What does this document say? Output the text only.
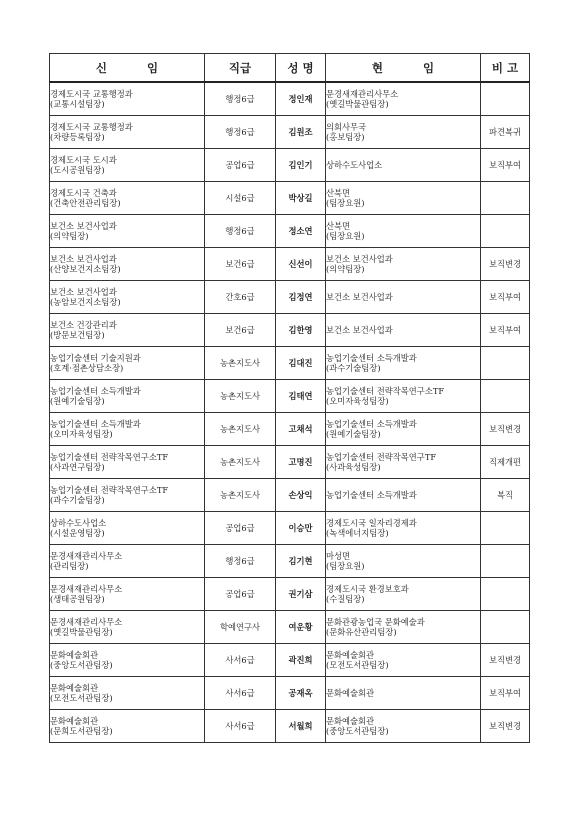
신          임	직급	성 명	현          임	비 고

경제도시국 교통행정과
(교통시설팀장)	행정6급	정인재	문경새재관리사무소
(옛길박물관팀장)	

경제도시국 교통행정과
(차량등록팀장)	행정6급	김원조	의회사무국
(홍보팀장)	파견복귀

경제도시국 도시과
(도시공원팀장)	공업6급	김인기	상하수도사업소	보직부여

경제도시국 건축과
(건축안전관리팀장)	시설6급	박상길	산북면
(팀장요원)	

보건소 보건사업과
(의약팀장)	행정6급	정소연	산북면
(팀장요원)	

보건소 보건사업과
(산양보건지소팀장)	보건6급	신선이	보건소 보건사업과
(의약팀장)	보직변경

보건소 보건사업과
(농암보건지소팀장)	간호6급	김정연	보건소 보건사업과	보직부여

보건소 건강관리과
(방문보건팀장)	보건6급	김한영	보건소 보건사업과	보직부여

농업기술센터 기술지원과
(호계·점촌상담소장)	농촌지도사	김대진	농업기술센터 소득개발과
(과수기술팀장)	

농업기술센터 소득개발과
(원예기술팀장)	농촌지도사	김태연	농업기술센터 전략작목연구소TF
(오미자육성팀장)	

농업기술센터 소득개발과
(오미자육성팀장)	농촌지도사	고채석	농업기술센터 소득개발과
(원예기술팀장)	보직변경

농업기술센터 전략작목연구소TF
(사과연구팀장)	농촌지도사	고명진	농업기술센터 전략작목연구TF
(사과육성팀장)	직제개편

농업기술센터 전략작목연구소TF
(과수기술팀장)	농촌지도사	손상익	농업기술센터 소득개발과	복직

상하수도사업소
(시설운영팀장)	공업6급	이승만	경제도시국 일자리경제과
(녹색에너지팀장)	

문경새재관리사무소
(관리팀장)	행정6급	김기현	마성면
(팀장요원)	

문경새재관리사무소
(생태공원팀장)	공업6급	권기삼	경제도시국 환경보호과
(수질팀장)	

문경새재관리사무소
(옛길박물관팀장)	학예연구사	여운황	문화관광농업국 문화예술과
(문화유산관리팀장)	

문화예술회관
(중앙도서관팀장)	사서6급	곽진희	문화예술회관
(모전도서관팀장)	보직변경

문화예술회관
(모전도서관팀장)	사서6급	공재옥	문화예술회관	보직부여

문화예술회관
(문희도서관팀장)	사서6급	서월희	문화예술회관
(중앙도서관팀장)	보직변경
